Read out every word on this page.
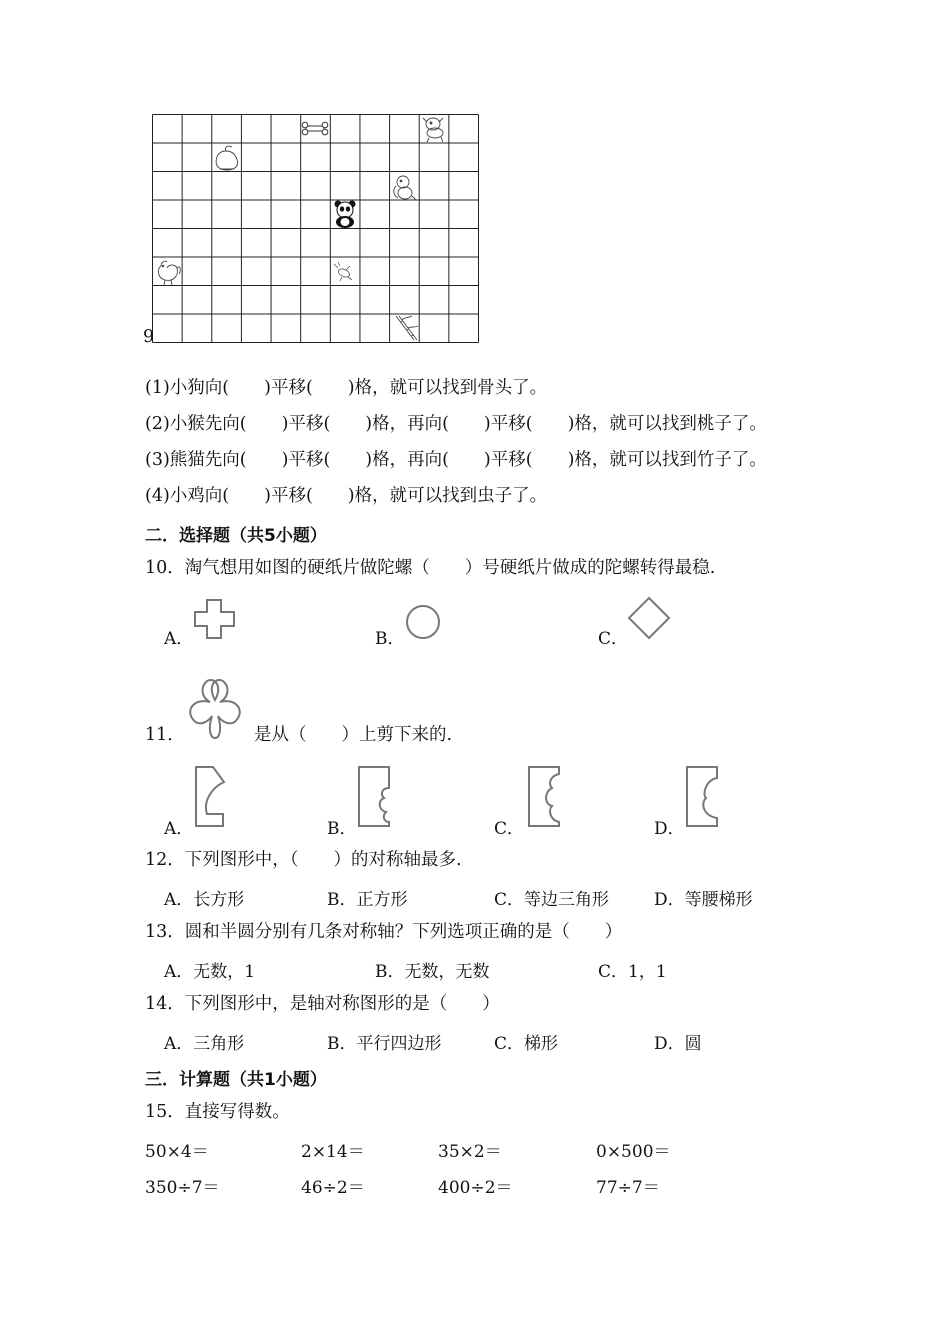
9
(1)小狗向(　　)平移(　　)格，就可以找到骨头了。
(2)小猴先向(　　)平移(　　)格，再向(　　)平移(　　)格，就可以找到桃子了。
(3)熊猫先向(　　)平移(　　)格，再向(　　)平移(　　)格，就可以找到竹子了。
(4)小鸡向(　　)平移(　　)格，就可以找到虫子了。
二．选择题（共5小题）
10．淘气想用如图的硬纸片做陀螺（　　）号硬纸片做成的陀螺转得最稳.
A．	B．	C．
11．	是从（　　）上剪下来的.
A．	B．	C．	D．
12．下列图形中，（　　）的对称轴最多.
A．长方形	B．正方形	C．等边三角形	D．等腰梯形
13．圆和半圆分别有几条对称轴？下列选项正确的是（　　）
A．无数，1	B．无数，无数	C．1，1
14．下列图形中，是轴对称图形的是（　　）
A．三角形	B．平行四边形	C．梯形	D．圆
三．计算题（共1小题）
15．直接写得数。
50×4＝	2×14＝	35×2＝	0×500＝
350÷7＝	46÷2＝	400÷2＝	77÷7＝
